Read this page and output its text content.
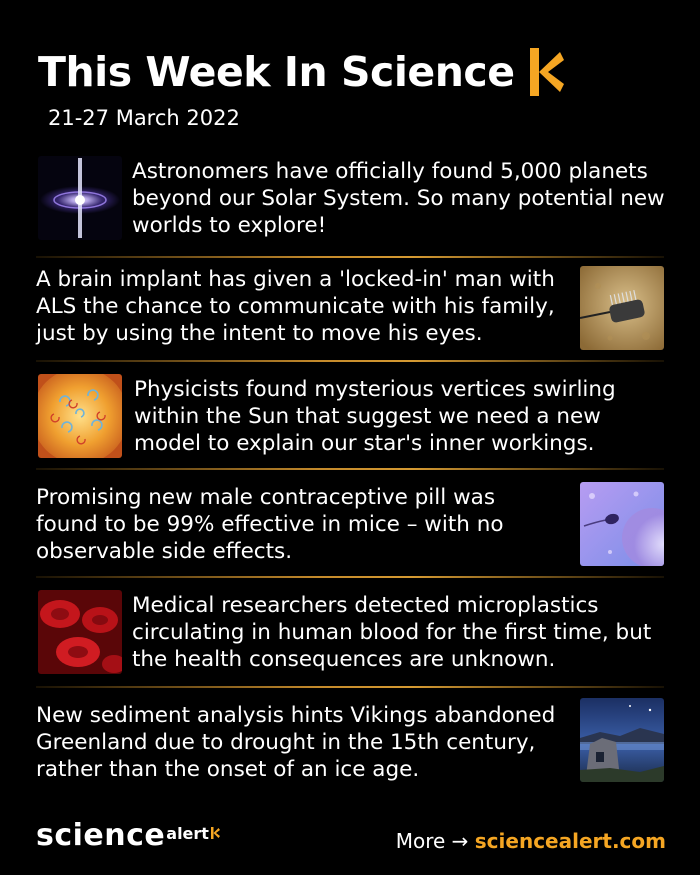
This Week In Science
21-27 March 2022
Astronomers have officially found 5,000 planets beyond our Solar System. So many potential new worlds to explore!
A brain implant has given a 'locked-in' man with ALS the chance to communicate with his family, just by using the intent to move his eyes.
Physicists found mysterious vertices swirling within the Sun that suggest we need a new model to explain our star's inner workings.
Promising new male contraceptive pill was found to be 99% effective in mice – with no observable side effects.
Medical researchers detected microplastics circulating in human blood for the first time, but the health consequences are unknown.
New sediment analysis hints Vikings abandoned Greenland due to drought in the 15th century, rather than the onset of an ice age.
sciencealert	More → sciencealert.com
